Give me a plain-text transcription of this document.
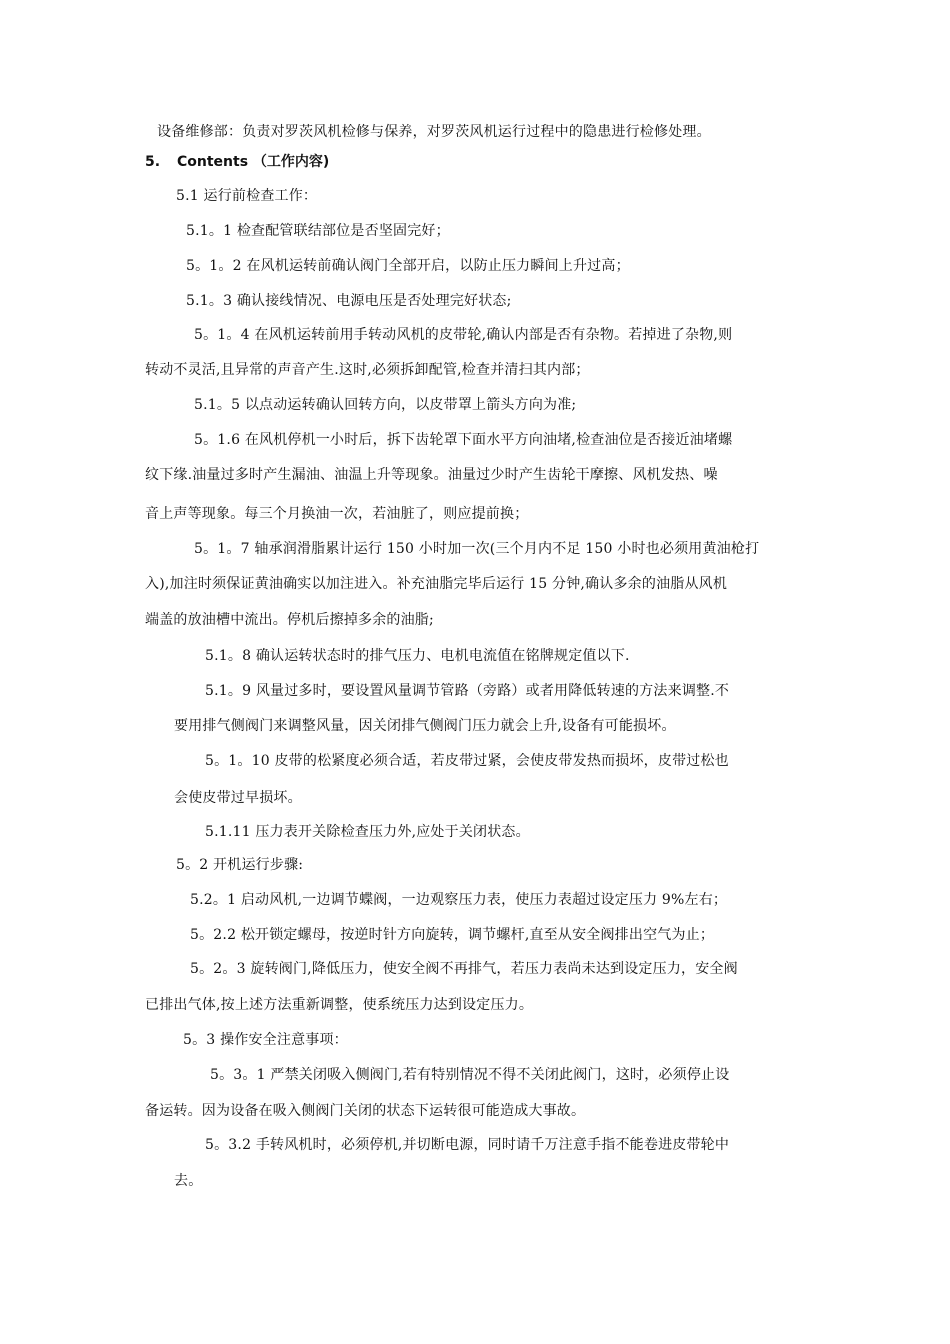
设备维修部：负责对罗茨风机检修与保养，对罗茨风机运行过程中的隐患进行检修处理。
5. Contents （工作内容)
5.1 运行前检查工作：
5.1。1 检查配管联结部位是否坚固完好；
5。1。2 在风机运转前确认阀门全部开启，以防止压力瞬间上升过高；
5.1。3 确认接线情况、电源电压是否处理完好状态;
5。1。4 在风机运转前用手转动风机的皮带轮,确认内部是否有杂物。若掉进了杂物,则
转动不灵活,且异常的声音产生.这时,必须拆卸配管,检查并清扫其内部；
5.1。5 以点动运转确认回转方向，以皮带罩上箭头方向为准;
5。1.6 在风机停机一小时后，拆下齿轮罩下面水平方向油堵,检查油位是否接近油堵螺
纹下缘.油量过多时产生漏油、油温上升等现象。油量过少时产生齿轮干摩擦、风机发热、噪
音上声等现象。每三个月换油一次，若油脏了，则应提前换；
5。1。7 轴承润滑脂累计运行 150 小时加一次(三个月内不足 150 小时也必须用黄油枪打
入),加注时须保证黄油确实以加注进入。补充油脂完毕后运行 15 分钟,确认多余的油脂从风机
端盖的放油槽中流出。停机后擦掉多余的油脂;
5.1。8 确认运转状态时的排气压力、电机电流值在铭牌规定值以下.
5.1。9 风量过多时，要设置风量调节管路（旁路）或者用降低转速的方法来调整.不
要用排气侧阀门来调整风量，因关闭排气侧阀门压力就会上升,设备有可能损坏。
5。1。10 皮带的松紧度必须合适，若皮带过紧，会使皮带发热而损坏，皮带过松也
会使皮带过早损坏。
5.1.11 压力表开关除检查压力外,应处于关闭状态。
5。2 开机运行步骤:
5.2。1 启动风机,一边调节蝶阀，一边观察压力表，使压力表超过设定压力 9%左右；
5。2.2 松开锁定螺母，按逆时针方向旋转，调节螺杆,直至从安全阀排出空气为止；
5。2。3 旋转阀门,降低压力，使安全阀不再排气，若压力表尚未达到设定压力，安全阀
已排出气体,按上述方法重新调整，使系统压力达到设定压力。
5。3 操作安全注意事项：
5。3。1 严禁关闭吸入侧阀门,若有特别情况不得不关闭此阀门，这时，必须停止设
备运转。因为设备在吸入侧阀门关闭的状态下运转很可能造成大事故。
5。3.2 手转风机时，必须停机,并切断电源，同时请千万注意手指不能卷进皮带轮中
去。
